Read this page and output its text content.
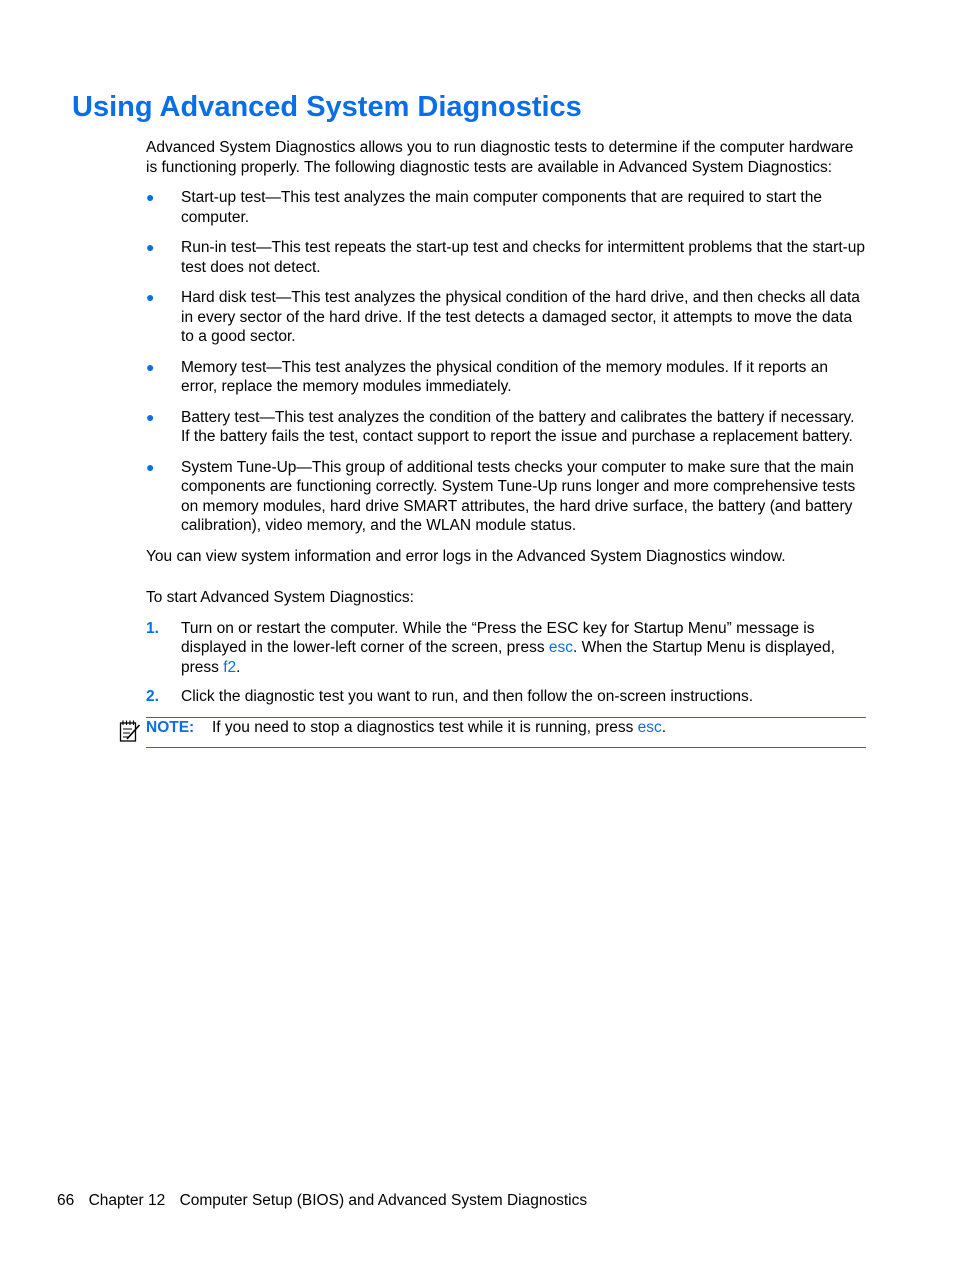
Using Advanced System Diagnostics

Advanced System Diagnostics allows you to run diagnostic tests to determine if the computer hardware is functioning properly. The following diagnostic tests are available in Advanced System Diagnostics:

● Start-up test—This test analyzes the main computer components that are required to start the computer.
● Run-in test—This test repeats the start-up test and checks for intermittent problems that the start-up test does not detect.
● Hard disk test—This test analyzes the physical condition of the hard drive, and then checks all data in every sector of the hard drive. If the test detects a damaged sector, it attempts to move the data to a good sector.
● Memory test—This test analyzes the physical condition of the memory modules. If it reports an error, replace the memory modules immediately.
● Battery test—This test analyzes the condition of the battery and calibrates the battery if necessary. If the battery fails the test, contact support to report the issue and purchase a replacement battery.
● System Tune-Up—This group of additional tests checks your computer to make sure that the main components are functioning correctly. System Tune-Up runs longer and more comprehensive tests on memory modules, hard drive SMART attributes, the hard drive surface, the battery (and battery calibration), video memory, and the WLAN module status.

You can view system information and error logs in the Advanced System Diagnostics window.

To start Advanced System Diagnostics:

1. Turn on or restart the computer. While the “Press the ESC key for Startup Menu” message is displayed in the lower-left corner of the screen, press esc. When the Startup Menu is displayed, press f2.
2. Click the diagnostic test you want to run, and then follow the on-screen instructions.
NOTE: If you need to stop a diagnostics test while it is running, press esc.
66 Chapter 12 Computer Setup (BIOS) and Advanced System Diagnostics
